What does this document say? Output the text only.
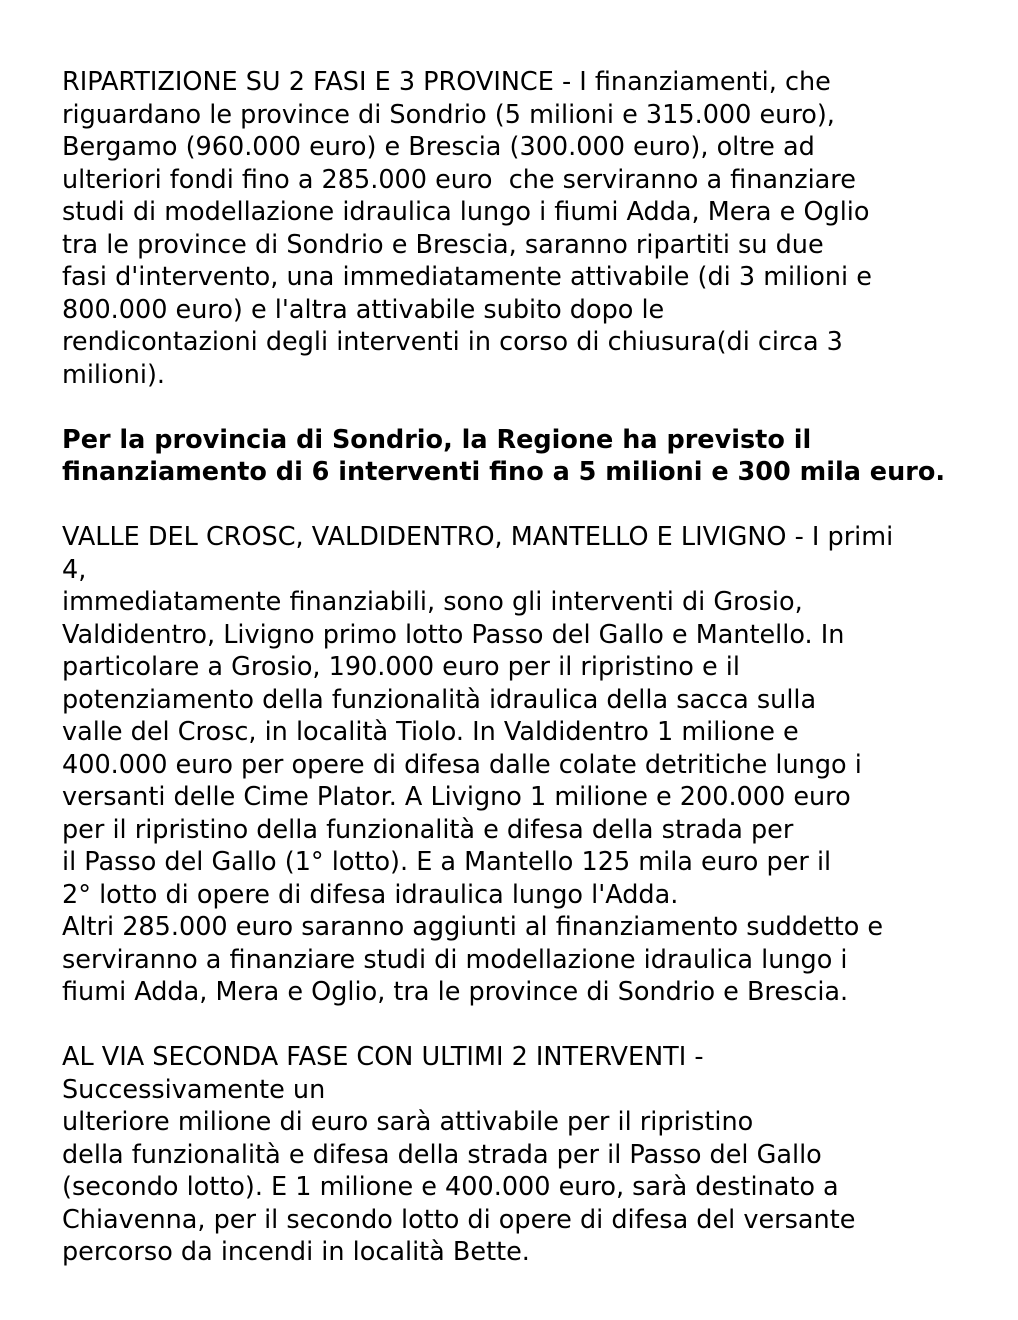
RIPARTIZIONE SU 2 FASI E 3 PROVINCE - I finanziamenti, che
riguardano le province di Sondrio (5 milioni e 315.000 euro),
Bergamo (960.000 euro) e Brescia (300.000 euro), oltre ad
ulteriori fondi fino a 285.000 euro  che serviranno a finanziare
studi di modellazione idraulica lungo i fiumi Adda, Mera e Oglio
tra le province di Sondrio e Brescia, saranno ripartiti su due
fasi d'intervento, una immediatamente attivabile (di 3 milioni e
800.000 euro) e l'altra attivabile subito dopo le
rendicontazioni degli interventi in corso di chiusura(di circa 3
milioni).

Per la provincia di Sondrio, la Regione ha previsto il
finanziamento di 6 interventi fino a 5 milioni e 300 mila euro.

VALLE DEL CROSC, VALDIDENTRO, MANTELLO E LIVIGNO - I primi
4,
immediatamente finanziabili, sono gli interventi di Grosio,
Valdidentro, Livigno primo lotto Passo del Gallo e Mantello. In
particolare a Grosio, 190.000 euro per il ripristino e il
potenziamento della funzionalità idraulica della sacca sulla
valle del Crosc, in località Tiolo. In Valdidentro 1 milione e
400.000 euro per opere di difesa dalle colate detritiche lungo i
versanti delle Cime Plator. A Livigno 1 milione e 200.000 euro
per il ripristino della funzionalità e difesa della strada per
il Passo del Gallo (1° lotto). E a Mantello 125 mila euro per il
2° lotto di opere di difesa idraulica lungo l'Adda.
Altri 285.000 euro saranno aggiunti al finanziamento suddetto e
serviranno a finanziare studi di modellazione idraulica lungo i
fiumi Adda, Mera e Oglio, tra le province di Sondrio e Brescia.

AL VIA SECONDA FASE CON ULTIMI 2 INTERVENTI -
Successivamente un
ulteriore milione di euro sarà attivabile per il ripristino
della funzionalità e difesa della strada per il Passo del Gallo
(secondo lotto). E 1 milione e 400.000 euro, sarà destinato a
Chiavenna, per il secondo lotto di opere di difesa del versante
percorso da incendi in località Bette.
